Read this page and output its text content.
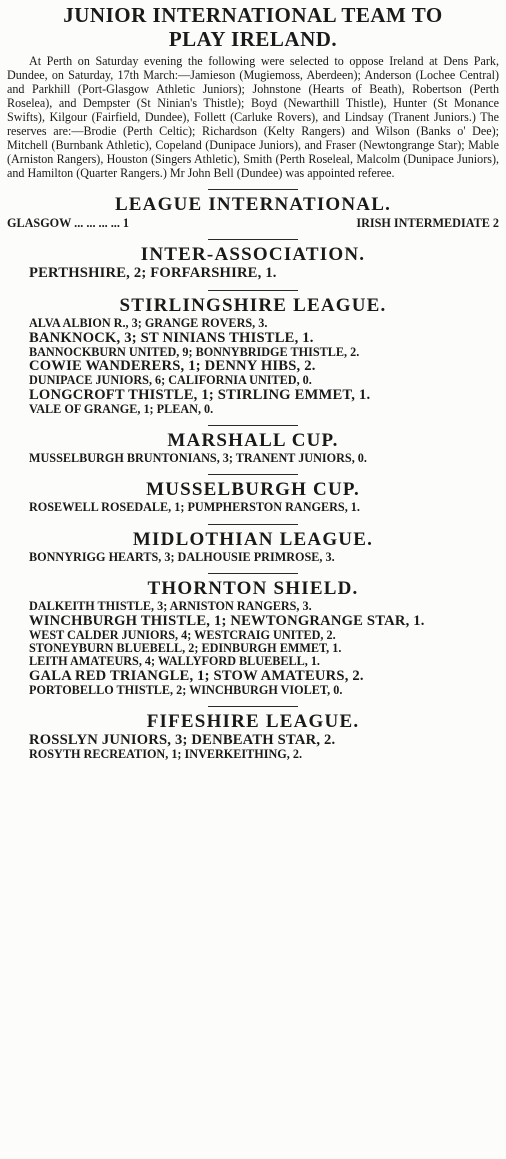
JUNIOR INTERNATIONAL TEAM TO
PLAY IRELAND.

At Perth on Saturday evening the following were selected to oppose Ireland at Dens Park, Dundee, on Saturday, 17th March:—Jamieson (Mugiemoss, Aberdeen); Anderson (Lochee Central) and Parkhill (Port-Glasgow Athletic Juniors); Johnstone (Hearts of Beath), Robertson (Perth Roselea), and Dempster (St Ninian's Thistle); Boyd (Newarthill Thistle), Hunter (St Monance Swifts), Kilgour (Fairfield, Dundee), Follett (Carluke Rovers), and Lindsay (Tranent Juniors.) The reserves are:—Brodie (Perth Celtic); Richardson (Kelty Rangers) and Wilson (Banks o' Dee); Mitchell (Burnbank Athletic), Copeland (Dunipace Juniors), and Fraser (Newtongrange Star); Mable (Arniston Rangers), Houston (Singers Athletic), Smith (Perth Roseleal, Malcolm (Dunipace Juniors), and Hamilton (Quarter Rangers.) Mr John Bell (Dundee) was appointed referee.

LEAGUE INTERNATIONAL.
GLASGOW ... ... ... ... 1	IRISH INTERMEDIATE 2
INTER-ASSOCIATION.

PERTHSHIRE, 2; FORFARSHIRE, 1.

STIRLINGSHIRE LEAGUE.

ALVA ALBION R., 3; GRANGE ROVERS, 3.

BANKNOCK, 3; ST NINIANS THISTLE, 1.

BANNOCKBURN UNITED, 9; BONNYBRIDGE THISTLE, 2.

COWIE WANDERERS, 1; DENNY HIBS, 2.

DUNIPACE JUNIORS, 6; CALIFORNIA UNITED, 0.

LONGCROFT THISTLE, 1; STIRLING EMMET, 1.

VALE OF GRANGE, 1; PLEAN, 0.

MARSHALL CUP.

MUSSELBURGH BRUNTONIANS, 3; TRANENT JUNIORS, 0.

MUSSELBURGH CUP.

ROSEWELL ROSEDALE, 1; PUMPHERSTON RANGERS, 1.

MIDLOTHIAN LEAGUE.

BONNYRIGG HEARTS, 3; DALHOUSIE PRIMROSE, 3.

THORNTON SHIELD.

DALKEITH THISTLE, 3; ARNISTON RANGERS, 3.

WINCHBURGH THISTLE, 1; NEWTONGRANGE STAR, 1.

WEST CALDER JUNIORS, 4; WESTCRAIG UNITED, 2.

STONEYBURN BLUEBELL, 2; EDINBURGH EMMET, 1.

LEITH AMATEURS, 4; WALLYFORD BLUEBELL, 1.

GALA RED TRIANGLE, 1; STOW AMATEURS, 2.

PORTOBELLO THISTLE, 2; WINCHBURGH VIOLET, 0.

FIFESHIRE LEAGUE.

ROSSLYN JUNIORS, 3; DENBEATH STAR, 2.

ROSYTH RECREATION, 1; INVERKEITHING, 2.
